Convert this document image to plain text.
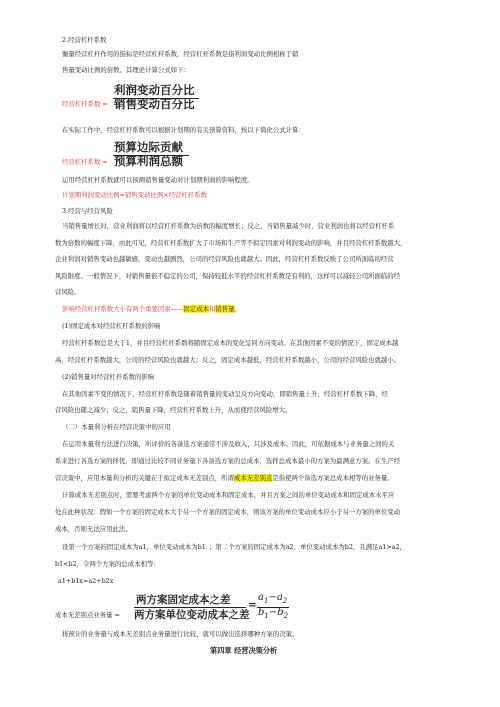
2.经营杠杆系数
衡量经营杠杆作用的指标是经营杠杆系数，经营杠杆系数是指利润变动比例相称于销
售量变动比例的倍数。其理论计算公式如下：
经营杠杆系数 =
利润变动百分比
销售变动百分比
在实际工作中，经营杠杆系数可以根据计划期的有关预算资料，按以下简化公式计算：
经营杠杆系数 =
预算边际贡献
预算利润总额
运用经营杠杆系数就可以预测销售量变动对计划期利润的影响程度。
计划期利润变动比例=销售变动比例×经营杠杆系数
3.经营与经营风险
当销售量增长时，营业利润将以经营杠杆系数为倍数的幅度增长；反之，当销售量减少时，营业利润也将以经营杠杆系
数为倍数的幅度下降，由此可见，经营杠杆系数扩大了市场和生产等不拟定因素对利润变动的影响，并且经营杠杆系数越大，
企业利润对销售变动也越敏感，变动也越剧烈，公司的经营风险也就越大。因此，经营杠杆系数反映了公司所面临的经营
风险限度。一般情况下，对销售量很不稳定的公司，保持较低水平的经营杠杆系数是有利的，这样可以减轻公司所面临的经
营风险。
影响经营杠杆系数大小有两个重要因素——固定成本和销售量。
(1)固定成本对经营杠杆系数的影响
经营杠杆系数总是大于1，并且经营杠杆系数将随固定成本的变化呈同方向变动。在其他因素不变的情况下，固定成本越
高，经营杠杆系数越大，公司的经营风险也就越大；反之，固定成本越低，经营杠杆系数越小，公司的经营风险也就越小。
(2)销售量对经营杠杆系数的影响
在其他因素不变的情况下，经营杠杆系数是随着销售量的变动呈反方向变动，即销售量上升，经营杠杆系数下降，经
营风险也随之减少；反之，销售量下降，经营杠杆系数上升，从而使经营风险增大。
（二）本量利分析在经营决策中的应用
在运用本量利方法进行决策，所评价的各备选方案通常不涉及收入，只涉及成本。因此，可依据成本与业务量之间的关
系来进行各选方案的择优，即通过比较不同业务量下各备选方案的总成本，选择总成本最小的方案为最满意方案。在生产经
营决策中，应用本量利分析的关键在于拟定成本无差别点，所谓成本无差别点是指使两个备选方案总成本相等的业务量。
计算成本无差别点时，需要考虑两个方案的单位变动成本和固定成本，并且方案之间的单位变动成本和固定成本水平应
处在此种状况：假如一个方案的固定成本大于另一个方案的固定成本，则该方案的单位变动成本应小于另一方案的单位变动
成本，否则无法应用此法。
设第一个方案的固定成本为a1，单位变动成本为b1．；第二个方案的固定成本为a2，单位变动成本为b2，且满足a1>a2，
b1<b2，令两个方案的总成本相等：
a1+b1x=a2+b2x
成本无差别点业务量 =
两方案固定成本之差
两方案单位变动成本之差
=
$a_1-a_2$
$b_1-b_2$
将预计的业务量与成本无差别点业务量进行比较，就可以做出选择哪种方案的决策。
第四章 经营决策分析
